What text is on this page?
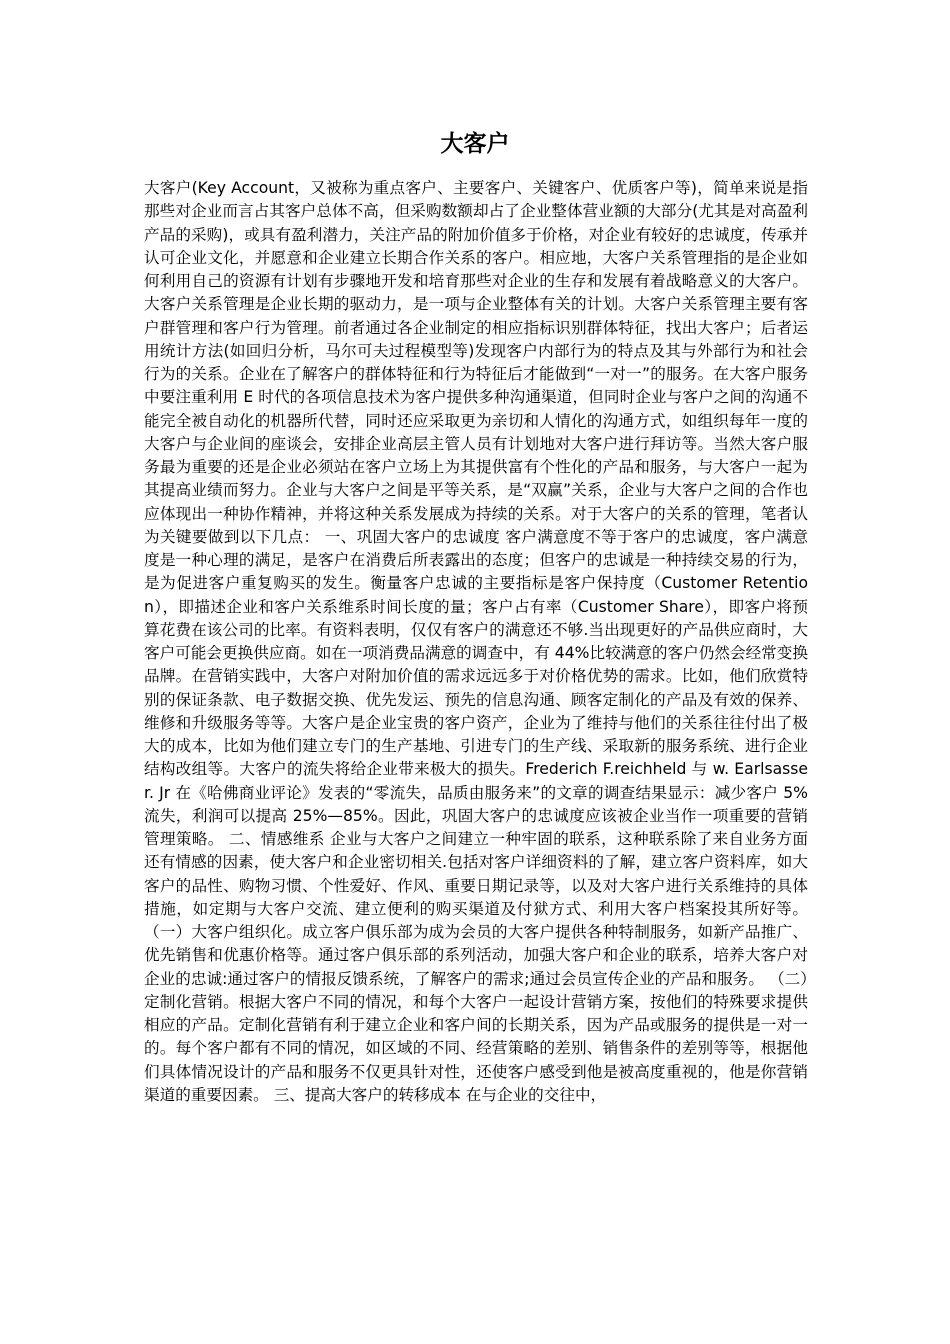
大客户

大客户(Key Account，又被称为重点客户、主要客户、关键客户、优质客户等)，简单来说是指那些对企业而言占其客户总体不高，但采购数额却占了企业整体营业额的大部分(尤其是对高盈利产品的采购)，或具有盈利潜力，关注产品的附加价值多于价格，对企业有较好的忠诚度，传承并认可企业文化，并愿意和企业建立长期合作关系的客户。相应地，大客户关系管理指的是企业如何利用自己的资源有计划有步骤地开发和培育那些对企业的生存和发展有着战略意义的大客户。 大客户关系管理是企业长期的驱动力，是一项与企业整体有关的计划。大客户关系管理主要有客户群管理和客户行为管理。前者通过各企业制定的相应指标识别群体特征，找出大客户；后者运用统计方法(如回归分析，马尔可夫过程模型等)发现客户内部行为的特点及其与外部行为和社会行为的关系。企业在了解客户的群体特征和行为特征后才能做到“一对一”的服务。在大客户服务中要注重利用 E 时代的各项信息技术为客户提供多种沟通渠道，但同时企业与客户之间的沟通不能完全被自动化的机器所代替，同时还应采取更为亲切和人情化的沟通方式，如组织每年一度的大客户与企业间的座谈会，安排企业高层主管人员有计划地对大客户进行拜访等。当然大客户服务最为重要的还是企业必须站在客户立场上为其提供富有个性化的产品和服务，与大客户一起为其提高业绩而努力。企业与大客户之间是平等关系，是“双赢”关系，企业与大客户之间的合作也应体现出一种协作精神，并将这种关系发展成为持续的关系。对于大客户的关系的管理，笔者认为关键要做到以下几点： 一、巩固大客户的忠诚度 客户满意度不等于客户的忠诚度，客户满意度是一种心理的满足，是客户在消费后所表露出的态度；但客户的忠诚是一种持续交易的行为，是为促进客户重复购买的发生。衡量客户忠诚的主要指标是客户保持度（Customer Retention），即描述企业和客户关系维系时间长度的量；客户占有率（Customer Share），即客户将预算花费在该公司的比率。有资料表明，仅仅有客户的满意还不够.当出现更好的产品供应商时，大客户可能会更换供应商。如在一项消费品满意的调查中，有 44%比较满意的客户仍然会经常变换品牌。在营销实践中，大客户对附加价值的需求远远多于对价格优势的需求。比如，他们欣赏特别的保证条款、电子数据交换、优先发运、预先的信息沟通、顾客定制化的产品及有效的保养、维修和升级服务等等。大客户是企业宝贵的客户资产，企业为了维持与他们的关系往往付出了极大的成本，比如为他们建立专门的生产基地、引进专门的生产线、采取新的服务系统、进行企业结构改组等。大客户的流失将给企业带来极大的损失。Frederich F.reichheld 与 w. Earlsasser. Jr 在《哈佛商业评论》发表的“零流失，品质由服务来”的文章的调查结果显示：减少客户 5%流失，利润可以提高 25%—85%。因此，巩固大客户的忠诚度应该被企业当作一项重要的营销管理策略。 二、情感维系 企业与大客户之间建立一种牢固的联系，这种联系除了来自业务方面还有情感的因素，使大客户和企业密切相关.包括对客户详细资料的了解，建立客户资料库，如大客户的品性、购物习惯、个性爱好、作风、重要日期记录等，以及对大客户进行关系维持的具体措施，如定期与大客户交流、建立便利的购买渠道及付狱方式、利用大客户档案投其所好等。 （一）大客户组织化。成立客户俱乐部为成为会员的大客户提供各种特制服务，如新产品推广、优先销售和优惠价格等。通过客户俱乐部的系列活动，加强大客户和企业的联系，培养大客户对企业的忠诚:通过客户的情报反馈系统，了解客户的需求;通过会员宣传企业的产品和服务。 （二）定制化营销。根据大客户不同的情况，和每个大客户一起设计营销方案，按他们的特殊要求提供相应的产品。定制化营销有利于建立企业和客户间的长期关系，因为产品或服务的提供是一对一的。每个客户都有不同的情况，如区域的不同、经营策略的差别、销售条件的差别等等，根据他们具体情况设计的产品和服务不仅更具针对性，还使客户感受到他是被高度重视的，他是你营销渠道的重要因素。 三、提高大客户的转移成本 在与企业的交往中，
